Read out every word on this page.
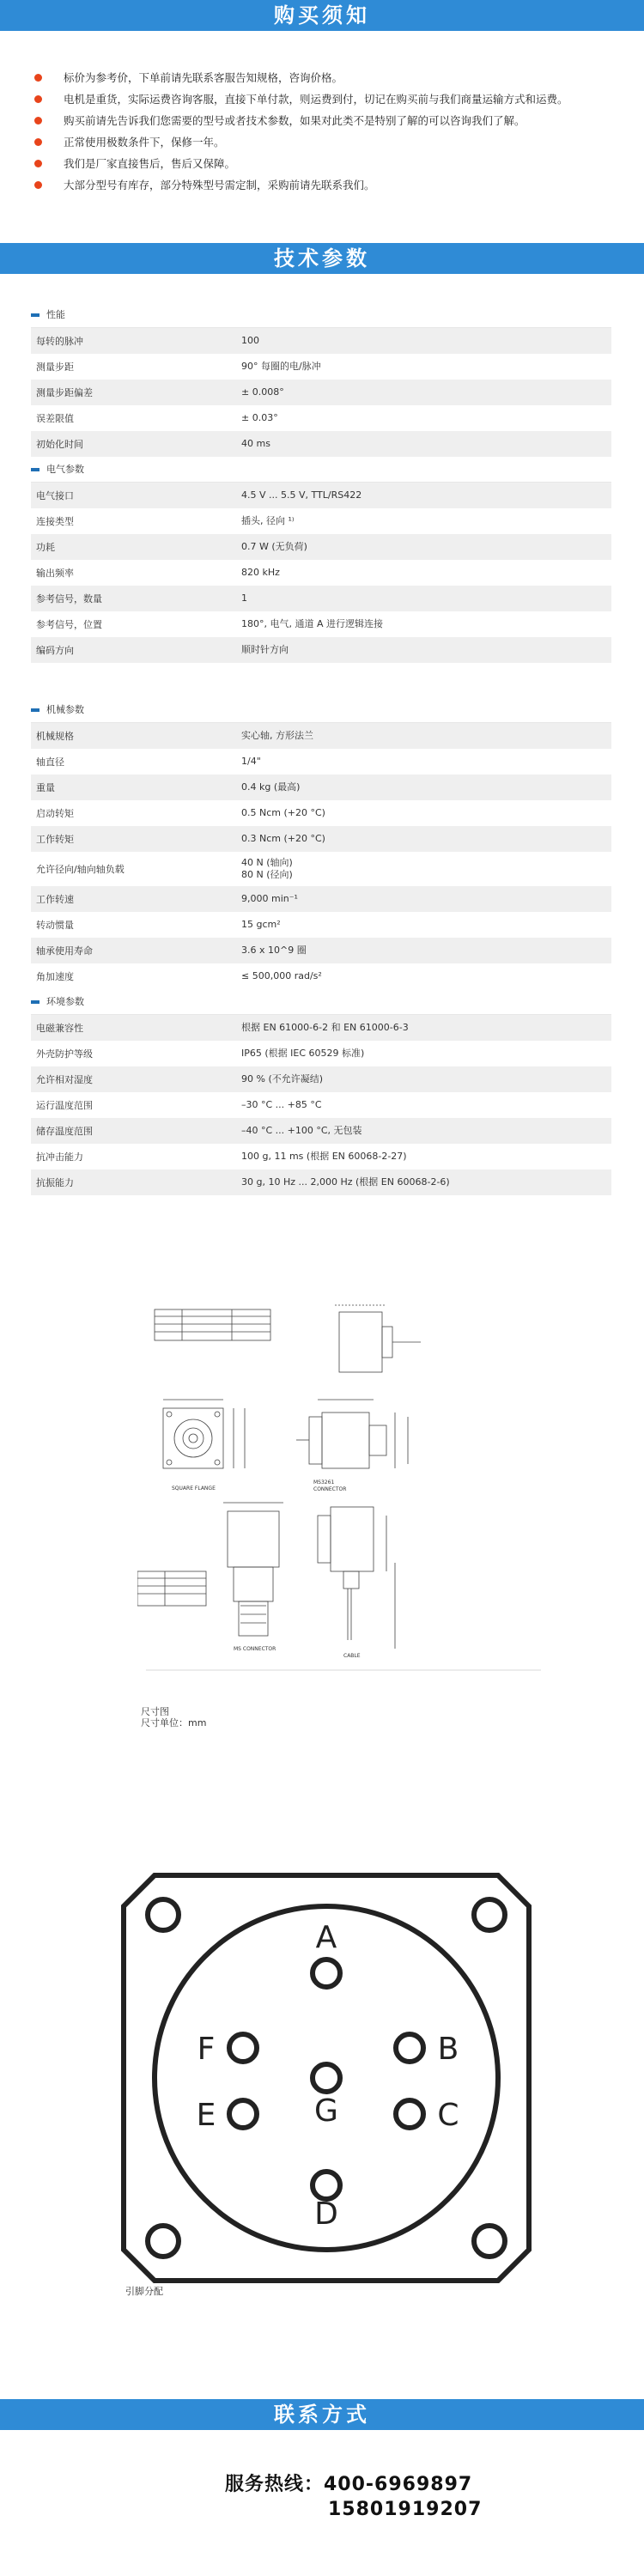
购买须知
标价为参考价，下单前请先联系客服告知规格，咨询价格。
电机是重货，实际运费咨询客服，直接下单付款，则运费到付，切记在购买前与我们商量运输方式和运费。
购买前请先告诉我们您需要的型号或者技术参数，如果对此类不是特别了解的可以咨询我们了解。
正常使用极数条件下，保修一年。
我们是厂家直接售后，售后又保障。
大部分型号有库存，部分特殊型号需定制，采购前请先联系我们。
技术参数
性能
每转的脉冲	100
测量步距	90° 每圈的电/脉冲
测量步距偏差	± 0.008°
误差限值	± 0.03°
初始化时间	40 ms
电气参数
电气接口	4.5 V ... 5.5 V, TTL/RS422
连接类型	插头, 径向 ¹⁾
功耗	0.7 W (无负荷)
输出频率	820 kHz
参考信号，数量	1
参考信号，位置	180°, 电气, 通道 A 进行逻辑连接
编码方向	顺时针方向
机械参数
机械规格	实心轴, 方形法兰
轴直径	1/4"
重量	0.4 kg (最高)
启动转矩	0.5 Ncm (+20 °C)
工作转矩	0.3 Ncm (+20 °C)
允许径向/轴向轴负载
40 N (轴向)
80 N (径向)
工作转速	9,000 min⁻¹
转动惯量	15 gcm²
轴承使用寿命	3.6 x 10^9 圈
角加速度	≤ 500,000 rad/s²
环境参数
电磁兼容性	根据 EN 61000-6-2 和 EN 61000-6-3
外壳防护等级	IP65 (根据 IEC 60529 标准)
允许相对湿度	90 % (不允许凝结)
运行温度范围	–30 °C ... +85 °C
储存温度范围	–40 °C ... +100 °C, 无包装
抗冲击能力	100 g, 11 ms (根据 EN 60068-2-27)
抗振能力	30 g, 10 Hz ... 2,000 Hz (根据 EN 60068-2-6)
SQUARE FLANGE
MS3261
CONNECTOR
MS CONNECTOR
CABLE
尺寸图
尺寸单位：mm
A
B
C
D
E
F
G
引脚分配
联系方式
服务热线：400-6969897
15801919207
